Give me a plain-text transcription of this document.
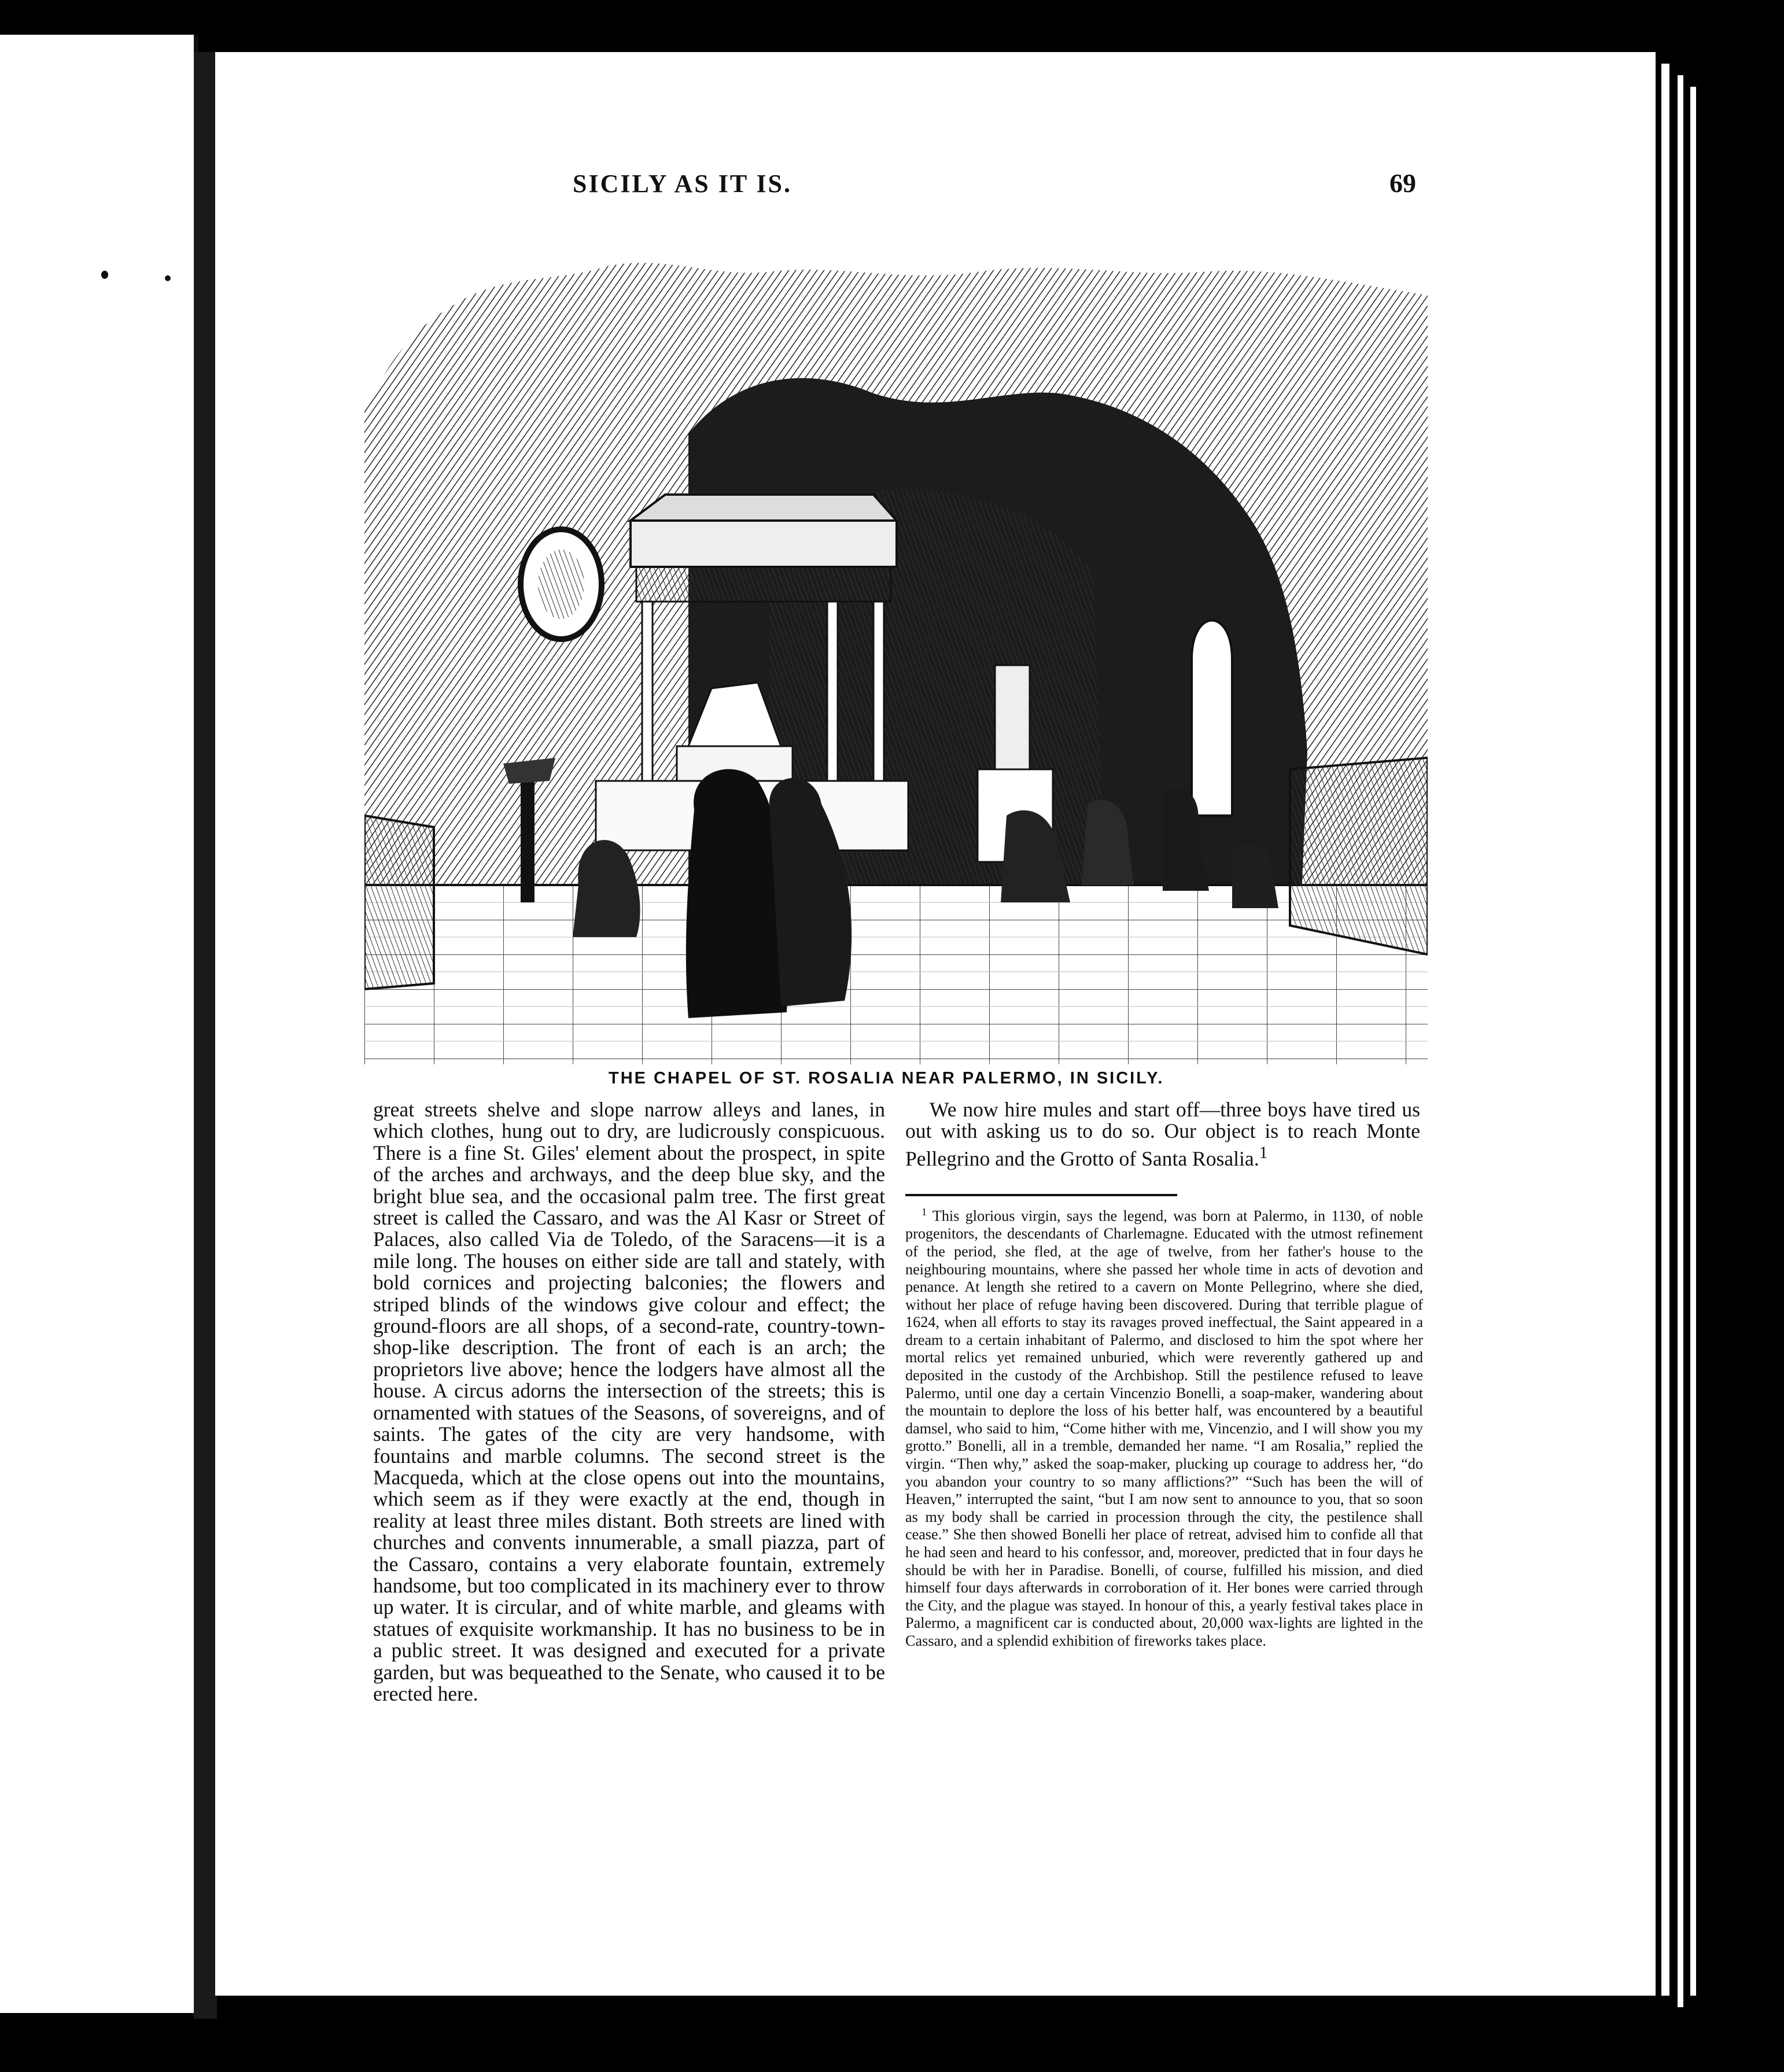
SICILY AS IT IS.	69
THE CHAPEL OF ST. ROSALIA NEAR PALERMO, IN SICILY.

great streets shelve and slope narrow alleys and lanes, in which clothes, hung out to dry, are ludicrously conspicuous. There is a fine St. Giles' element about the prospect, in spite of the arches and archways, and the deep blue sky, and the bright blue sea, and the occasional palm tree. The first great street is called the Cassaro, and was the Al Kasr or Street of Palaces, also called Via de Toledo, of the Saracens—it is a mile long. The houses on either side are tall and stately, with bold cornices and projecting balconies; the flowers and striped blinds of the windows give colour and effect; the ground-floors are all shops, of a second-rate, country-town-shop-like description. The front of each is an arch; the proprietors live above; hence the lodgers have almost all the house. A circus adorns the intersection of the streets; this is ornamented with statues of the Seasons, of sovereigns, and of saints. The gates of the city are very handsome, with fountains and marble columns. The second street is the Macqueda, which at the close opens out into the mountains, which seem as if they were exactly at the end, though in reality at least three miles distant. Both streets are lined with churches and convents innumerable, a small piazza, part of the Cassaro, contains a very elaborate fountain, extremely handsome, but too complicated in its machinery ever to throw up water. It is circular, and of white marble, and gleams with statues of exquisite workmanship. It has no business to be in a public street. It was designed and executed for a private garden, but was bequeathed to the Senate, who caused it to be erected here.

We now hire mules and start off—three boys have tired us out with asking us to do so. Our object is to reach Monte Pellegrino and the Grotto of Santa Rosalia.$^1$

$^1$ This glorious virgin, says the legend, was born at Palermo, in 1130, of noble progenitors, the descendants of Charlemagne. Educated with the utmost refinement of the period, she fled, at the age of twelve, from her father's house to the neighbouring mountains, where she passed her whole time in acts of devotion and penance. At length she retired to a cavern on Monte Pellegrino, where she died, without her place of refuge having been discovered. During that terrible plague of 1624, when all efforts to stay its ravages proved ineffectual, the Saint appeared in a dream to a certain inhabitant of Palermo, and disclosed to him the spot where her mortal relics yet remained unburied, which were reverently gathered up and deposited in the custody of the Archbishop. Still the pestilence refused to leave Palermo, until one day a certain Vincenzio Bonelli, a soap-maker, wandering about the mountain to deplore the loss of his better half, was encountered by a beautiful damsel, who said to him, “Come hither with me, Vincenzio, and I will show you my grotto.” Bonelli, all in a tremble, demanded her name. “I am Rosalia,” replied the virgin. “Then why,” asked the soap-maker, plucking up courage to address her, “do you abandon your country to so many afflictions?” “Such has been the will of Heaven,” interrupted the saint, “but I am now sent to announce to you, that so soon as my body shall be carried in procession through the city, the pestilence shall cease.” She then showed Bonelli her place of retreat, advised him to confide all that he had seen and heard to his confessor, and, moreover, predicted that in four days he should be with her in Paradise. Bonelli, of course, fulfilled his mission, and died himself four days afterwards in corroboration of it. Her bones were carried through the City, and the plague was stayed. In honour of this, a yearly festival takes place in Palermo, a magnificent car is conducted about, 20,000 wax-lights are lighted in the Cassaro, and a splendid exhibition of fireworks takes place.
